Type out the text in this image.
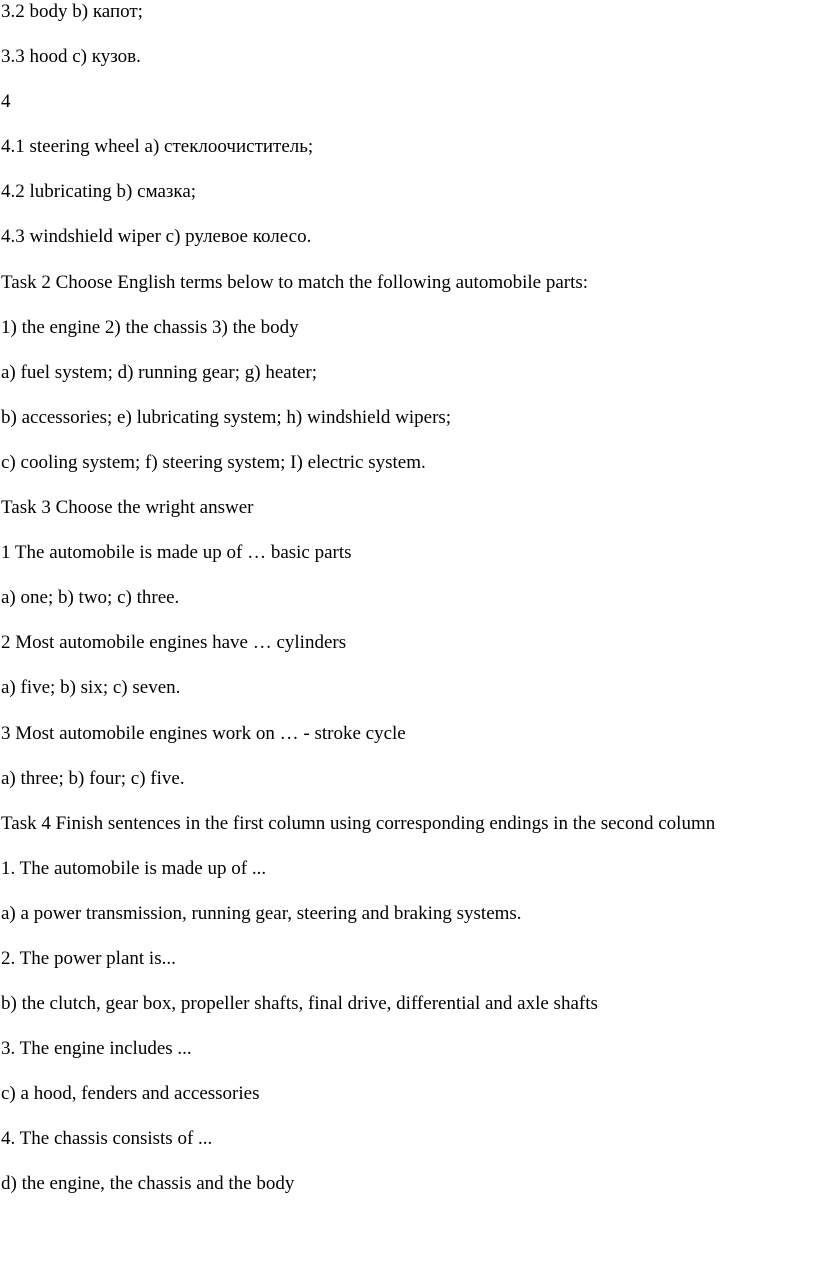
3.2 body b) капот;
3.3 hood c) кузов.
4
4.1 steering wheel a) стеклоочиститель;
4.2 lubricating b) смазка;
4.3 windshield wiper c) рулевое колесо.
Task 2 Choose English terms below to match the following automobile parts:
1) the engine 2) the chassis 3) the body
a) fuel system; d) running gear; g) heater;
b) accessories; e) lubricating system; h) windshield wipers;
c) cooling system; f) steering system; I) electric system.
Task 3 Choose the wright answer
1 The automobile is made up of … basic parts
a) one; b) two; c) three.
2 Most automobile engines have … cylinders
a) five; b) six; c) seven.
3 Most automobile engines work on … - stroke cycle
a) three; b) four; c) five.
Task 4 Finish sentences in the first column using corresponding endings in the second column
1. The automobile is made up of ...
a) a power transmission, running gear, steering and braking systems.
2. The power plant is...
b) the clutch, gear box, propeller shafts, final drive, differential and axle shafts
3. The engine includes ...
c) a hood, fenders and accessories
4. The chassis consists of ...
d) the engine, the chassis and the body
